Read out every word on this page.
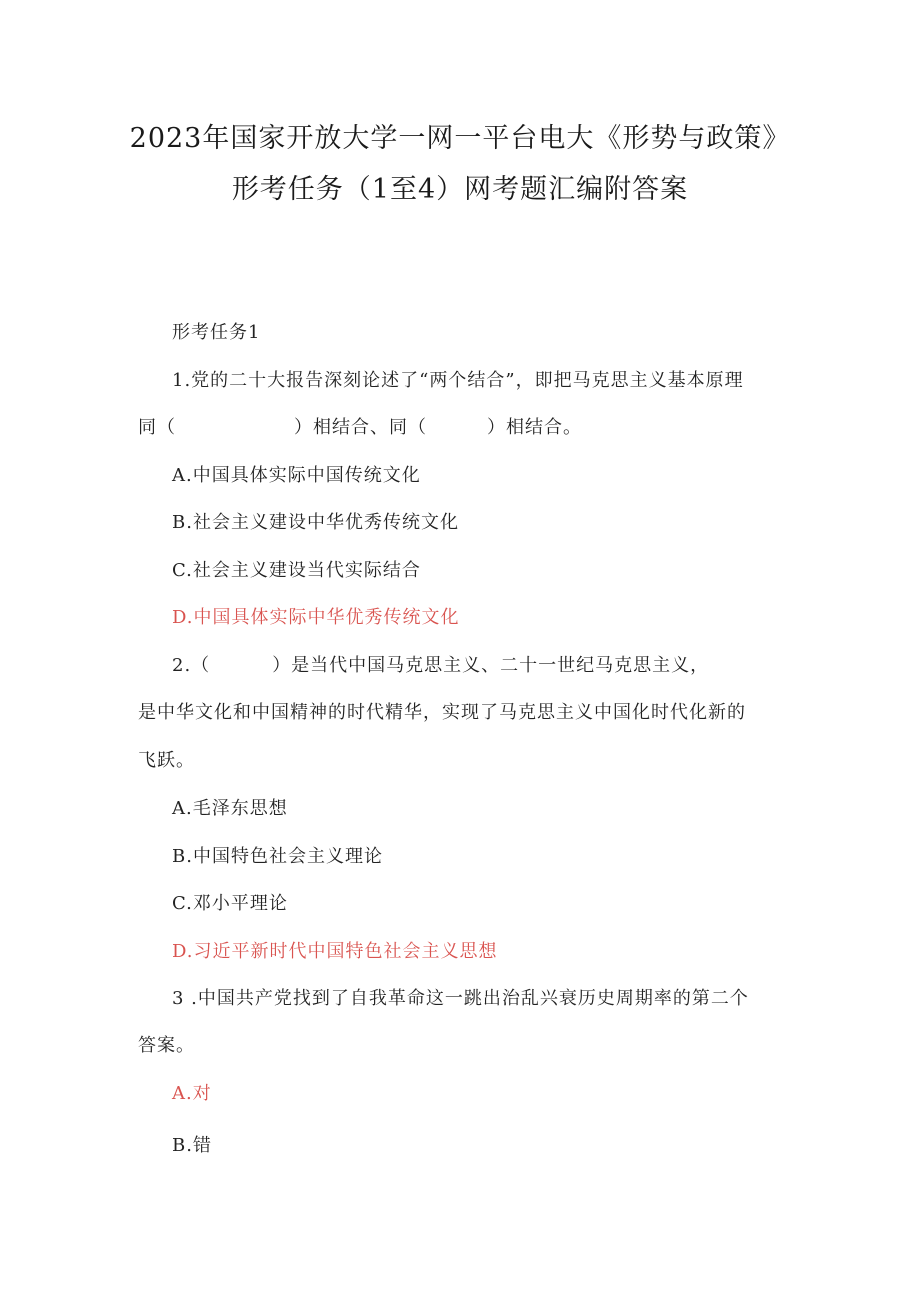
2023年国家开放大学一网一平台电大《形势与政策》
形考任务（1至4）网考题汇编附答案
形考任务1
1.党的二十大报告深刻论述了“两个结合”，即把马克思主义基本原理
同（	）相结合、同（	）相结合。
A.中国具体实际中国传统文化
B.社会主义建设中华优秀传统文化
C.社会主义建设当代实际结合
D.中国具体实际中华优秀传统文化
2.（	）是当代中国马克思主义、二十一世纪马克思主义，
是中华文化和中国精神的时代精华，实现了马克思主义中国化时代化新的
飞跃。
A.毛泽东思想
B.中国特色社会主义理论
C.邓小平理论
D.习近平新时代中国特色社会主义思想
3 .中国共产党找到了自我革命这一跳出治乱兴衰历史周期率的第二个
答案。
A.对
B.错
